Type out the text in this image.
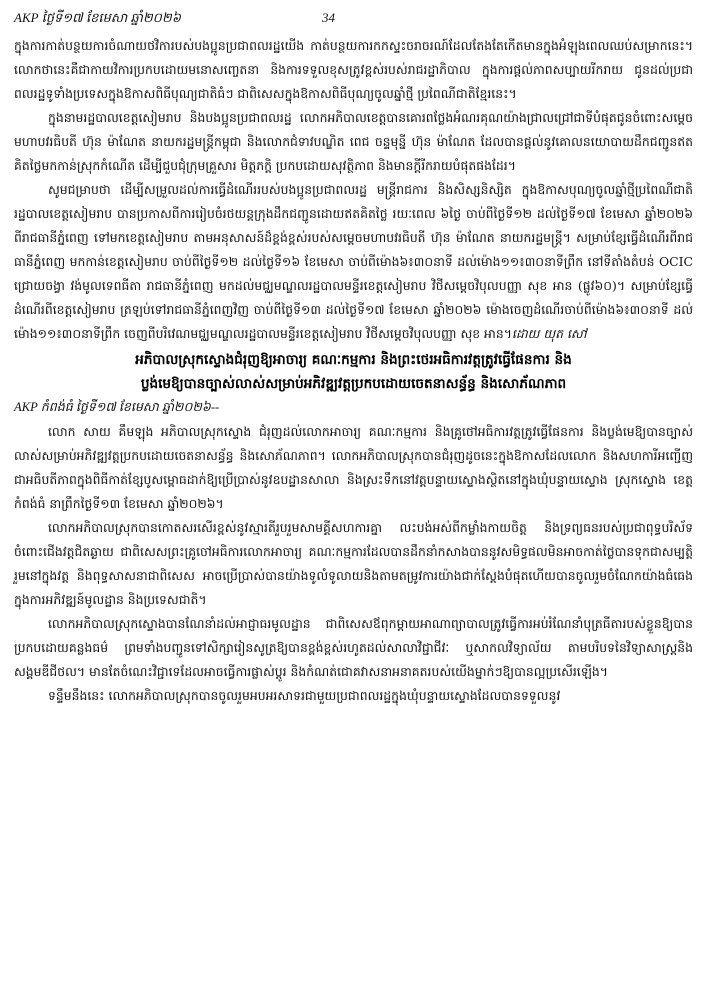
AKP ថ្ងៃទី១៧ ខែមេសា ឆ្នាំ២០២៦	34

ក្នុងការកាត់បន្ថយការចំណាយថវិការបស់បងប្អូនប្រជាពលរដ្ឋយើង កាត់បន្ថយការកកស្ទះចរាចរណ៍ដែលតែងតែកើតមានក្នុងអំឡុងពេលឈប់សម្រាកនេះ។ លោកថានេះគឺជាកាយវិការប្រកបដោយមនោសញ្ចេតនា និងការទទួលខុសត្រូវខ្ពស់របស់រាជរដ្ឋាភិបាល ក្នុងការផ្តល់ភាពសប្បាយរីករាយ ជូនដល់ប្រជាពលរដ្ឋទូទាំងប្រទេសក្នុងឱកាសពិធីបុណ្យជាតិធំៗ ជាពិសេសក្នុងឱកាសពិធីបុណ្យចូលឆ្នាំថ្មី ប្រពៃណីជាតិខ្មែរនេះ។

ក្នុងនាមរដ្ឋបាលខេត្តសៀមរាប និងបងប្អូនប្រជាពលរដ្ឋ លោកអភិបាលខេត្តបានគោរពថ្លែងអំណរគុណយ៉ាងជ្រាលជ្រៅជាទីបំផុតជូនចំពោះសម្តេចមហាបវរធិបតី ហ៊ុន ម៉ាណែត នាយករដ្ឋមន្ត្រីកម្ពុជា និងលោកជំទាវបណ្ឌិត ពេជ ចន្ទមុន្នី ហ៊ុន ម៉ាណែត ដែលបានផ្តល់នូវគោលនយោបាយដឹកជញ្ជូនឥតគិតថ្លៃមកកាន់ស្រុកកំណើត ដើម្បីជួបជុំក្រុមគ្រួសារ មិត្តភក្តិ ប្រកបដោយសុវត្ថិភាព និងមានក្តីរីករាយបំផុតផងដែរ។

សូមជម្រាបថា ដើម្បីសម្រួលដល់ការធ្វើដំណើររបស់បងប្អូនប្រជាពលរដ្ឋ មន្ត្រីរាជការ និងសិស្សនិស្សិត ក្នុងឱកាសបុណ្យចូលឆ្នាំថ្មីប្រពៃណីជាតិ រដ្ឋបាលខេត្តសៀមរាប បានប្រកាសពីការរៀបចំរថយន្តក្រុងដឹកជញ្ជូនដោយឥតគិតថ្លៃ រយៈពេល ៦ថ្ងៃ ចាប់ពីថ្ងៃទី១២ ដល់ថ្ងៃទី១៧ ខែមេសា ឆ្នាំ២០២៦ ពីរាជធានីភ្នំពេញ ទៅមកខេត្តសៀមរាប តាមអនុសាសន៍ដ៏ខ្ពង់ខ្ពស់របស់សម្តេចមហាបវរធិបតី ហ៊ុន ម៉ាណែត នាយករដ្ឋមន្ត្រី។ សម្រាប់ខ្សែធ្វើដំណើរពីរាជធានីភ្នំពេញ មកកាន់ខេត្តសៀមរាប ចាប់ពីថ្ងៃទី១២ ដល់ថ្ងៃទី១៦ ខែមេសា ចាប់ពីម៉ោង៦៖៣០នាទី ដល់ម៉ោង១១៖៣០នាទីព្រឹក នៅទីតាំងតំបន់ OCIC ជ្រោយចង្វា វង់មូលទេពធីតា រាជធានីភ្នំពេញ មកដល់មជ្ឈមណ្ឌលរដ្ឋបាលមន្ទីរខេត្តសៀមរាប វិថីសម្តេចវិបុលបញ្ញា សុខ អាន (ផ្លូវ៦០)។ សម្រាប់ខ្សែធ្វើដំណើរពីខេត្តសៀមរាប ត្រឡប់ទៅរាជធានីភ្នំពេញវិញ ចាប់ពីថ្ងៃទី១៣ ដល់ថ្ងៃទី១៧ ខែមេសា ឆ្នាំ២០២៦ ម៉ោងចេញដំណើរចាប់ពីម៉ោង៦៖៣០នាទី ដល់ម៉ោង១១៖៣០នាទីព្រឹក ចេញពីបរិវេណមជ្ឈមណ្ឌលរដ្ឋបាលមន្ទីរខេត្តសៀមរាប វិថីសម្តេចវិបុលបញ្ញា សុខ អាន។ដោយ យុត សៅ

អភិបាលស្រុកស្ទោងជំរុញឱ្យអាចារ្យ គណៈកម្មការ និងព្រះថេរអធិការវត្តត្រូវធ្វើផែនការ និង
ប្លង់មេឱ្យបានច្បាស់លាស់សម្រាប់អភិវឌ្ឍវត្តប្រកបដោយចេតនាសន្ធ័ន្ធ និងសោភ័ណភាព
AKP កំពង់ធំ ថ្ងៃទី១៧ ខែមេសា ឆ្នាំ២០២៦--

លោក សាយ គឹមឡុង អភិបាលស្រុកស្ទោង ជំរុញដល់លោកអាចារ្យ គណៈកម្មការ និងគ្រូថៅអធិការវត្តត្រូវធ្វើផែនការ និងប្លង់មេឱ្យបានច្បាស់លាស់សម្រាប់អភិវឌ្ឍវត្តប្រកបដោយចេតនាសន្ធ័ន្ធ និងសោភ័ណភាព។ លោកអភិបាលស្រុកបានជំរុញដូចនេះក្នុងឱកាសដែលលោក និងសហការីអញ្ជើញជាអធិបតីភាពក្នុងពិធីកាត់ខ្សែបូសម្ពោធដាក់ឱ្យប្រើប្រាស់នូវឧបដ្ឋានសាលា និងស្រះទឹកនៅវត្តបន្ទាយស្ទោងស្ថិតនៅក្នុងឃុំបន្ទាយស្ទោង ស្រុកស្ទោង ខេត្តកំពង់ធំ នាព្រឹកថ្ងៃទី១៣ ខែមេសា ឆ្នាំ២០២៦។

លោកអភិបាលស្រុកបានកោតសរសើរខ្ពស់នូវស្មារតីរួបរួមសាមគ្គីសហការគ្នា លះបង់អស់ពីកម្លាំងកាយចិត្ត និងទ្រព្យធនរបស់ប្រជាពុទ្ធបរិស័ទចំពោះជើងវត្តជិតឆ្ងាយ ជាពិសេសព្រះគ្រូចៅអធិការលោកអាចារ្យ គណៈកម្មការដែលបានដឹកនាំកសាងបាននូវសមិទ្ធផលមិនអាចកាត់ថ្លៃបានទុកជាសម្បត្តិរួមនៅក្នុងវត្ត និងពុទ្ធសាសនាជាពិសេស អាចប្រើប្រាស់បានយ៉ាងទូលំទូលាយនិងតាមតម្រូវការយ៉ាងជាក់ស្តែងបំផុតហើយបានចូលរួមចំណែកយ៉ាងធំធេងក្នុងការអភិវឌ្ឍន៍មូលដ្ឋាន និងប្រទេសជាតិ។

លោកអភិបាលស្រុកស្ទោងបានណែនាំដល់អាជ្ញាធរមូលដ្ឋាន ជាពិសេសឪពុកម្តាយអាណាព្យាបាលត្រូវធ្វើការអប់រំណែនាំបុត្រធីតារបស់ខ្លួនឱ្យបានប្រកបដោយគន្លងធម៌ ព្រមទាំងបញ្ជូនទៅសិក្សារៀនសូត្រឱ្យបានខ្ពង់ខ្ពស់រហូតដល់សាលាវិជ្ជាជីវៈ ឬសាកលវិទ្យាល័យ តាមបរិបទនៃវិទ្យាសាស្ត្រនិងសង្គមឌីជីថល។ មានតែចំណេះវិជ្ជាទេដែលអាចធ្វើការផ្លាស់ប្តូរ និងកំណត់ជោគវាសនាអនាគតរបស់យើងម្នាក់ៗឱ្យបានល្អប្រសើរឡើង។

ទន្ទឹមនឹងនេះ លោកអភិបាលស្រុកបានចូលរួមអបអរសាទរជាមួយប្រជាពលរដ្ឋក្នុងឃុំបន្ទាយស្ទោងដែលបានទទួលនូវ
